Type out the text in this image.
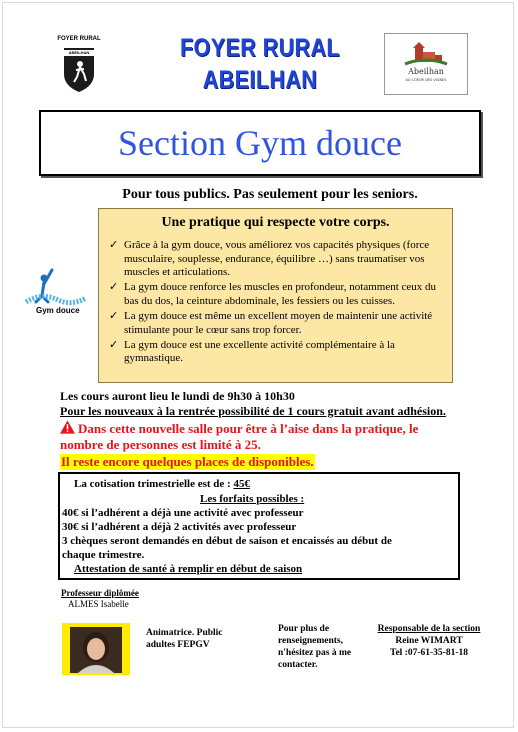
FOYER RURAL
ABEILHAN	FOYER RURAL
ABEILHAN	Abeilhan
AU COEUR DES VIGNES
Section Gym douce
Pour tous publics. Pas seulement pour les seniors.
Gym douce
Une pratique qui respecte votre corps.
✓ Grâce à la gym douce, vous améliorez vos capacités physiques (force musculaire, souplesse, endurance, équilibre …) sans traumatiser vos muscles et articulations.
✓ La gym douce renforce les muscles en profondeur, notamment ceux du bas du dos, la ceinture abdominale, les fessiers ou les cuisses.
✓ La gym douce est même un excellent moyen de maintenir une activité stimulante pour le cœur sans trop forcer.
✓ La gym douce est une excellente activité complémentaire à la gymnastique.
Les cours auront lieu le lundi de 9h30 à 10h30
Pour les nouveaux à la rentrée possibilité de 1 cours gratuit avant adhésion.
Dans cette nouvelle salle pour être à l’aise dans la pratique, le nombre de personnes est limité à 25.
Il reste encore quelques places de disponibles.
La cotisation trimestrielle est de : 45€
Les forfaits possibles :
40€ si l’adhérent a déjà une activité avec professeur
30€ si l’adhérent a déjà 2 activités avec professeur
3 chèques seront demandés en début de saison et encaissés au début de
chaque trimestre.
Attestation de santé à remplir en début de saison
Professeur diplômée
ALMES Isabelle
Animatrice. Public
adultes FEPGV
Pour plus de
renseignements,
n'hésitez pas à me
contacter.
Responsable de la section
Reine WIMART
Tel :07-61-35-81-18
